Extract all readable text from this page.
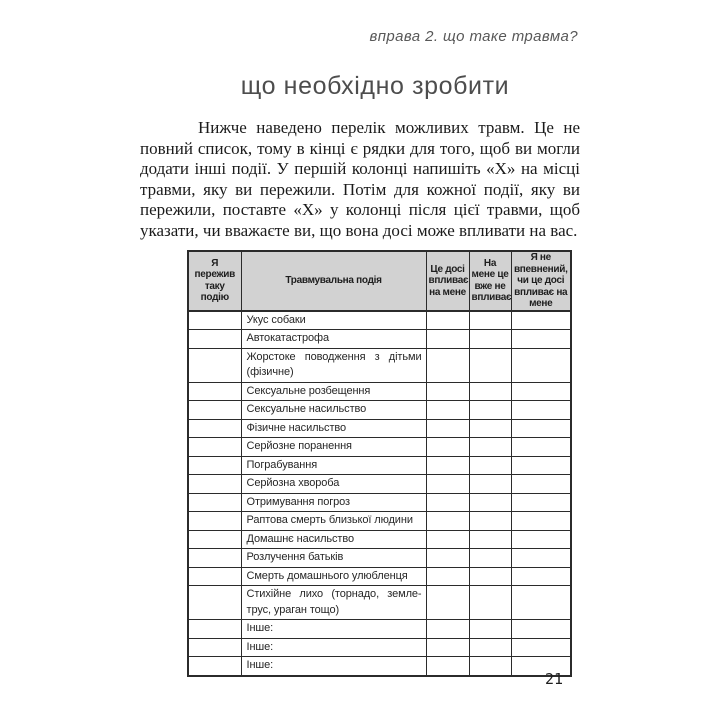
вправа 2. що таке травма?
що необхідно зробити

Нижче наведено перелік можливих травм. Це не повний список, тому в кінці є рядки для того, щоб ви могли додати інші події. У першій колонці напишіть «Х» на місці травми, яку ви пережили. Потім для кожної події, яку ви пережили, поставте «Х» у колонці після цієї травми, щоб указати, чи вважаєте ви, що вона досі може впливати на вас.

Я пережив таку подію	Травмувальна подія	Це досі впливає на мене	На мене це вже не впливає	Я не впевнений, чи це досі впливає на мене
	Укус собаки			
	Автокатастрофа			
	Жорстоке поводження з дітьми (фізичне)			
	Сексуальне розбещення			
	Сексуальне насильство			
	Фізичне насильство			
	Серйозне поранення			
	Пограбування			
	Серйозна хвороба			
	Отримування погроз			
	Раптова смерть близької людини			
	Домашнє насильство			
	Розлучення батьків			
	Смерть домашнього улюбленця			
	Стихійне лихо (торнадо, земле-трус, ураган тощо)			
	Інше:			
	Інше:			
	Інше:			
21
